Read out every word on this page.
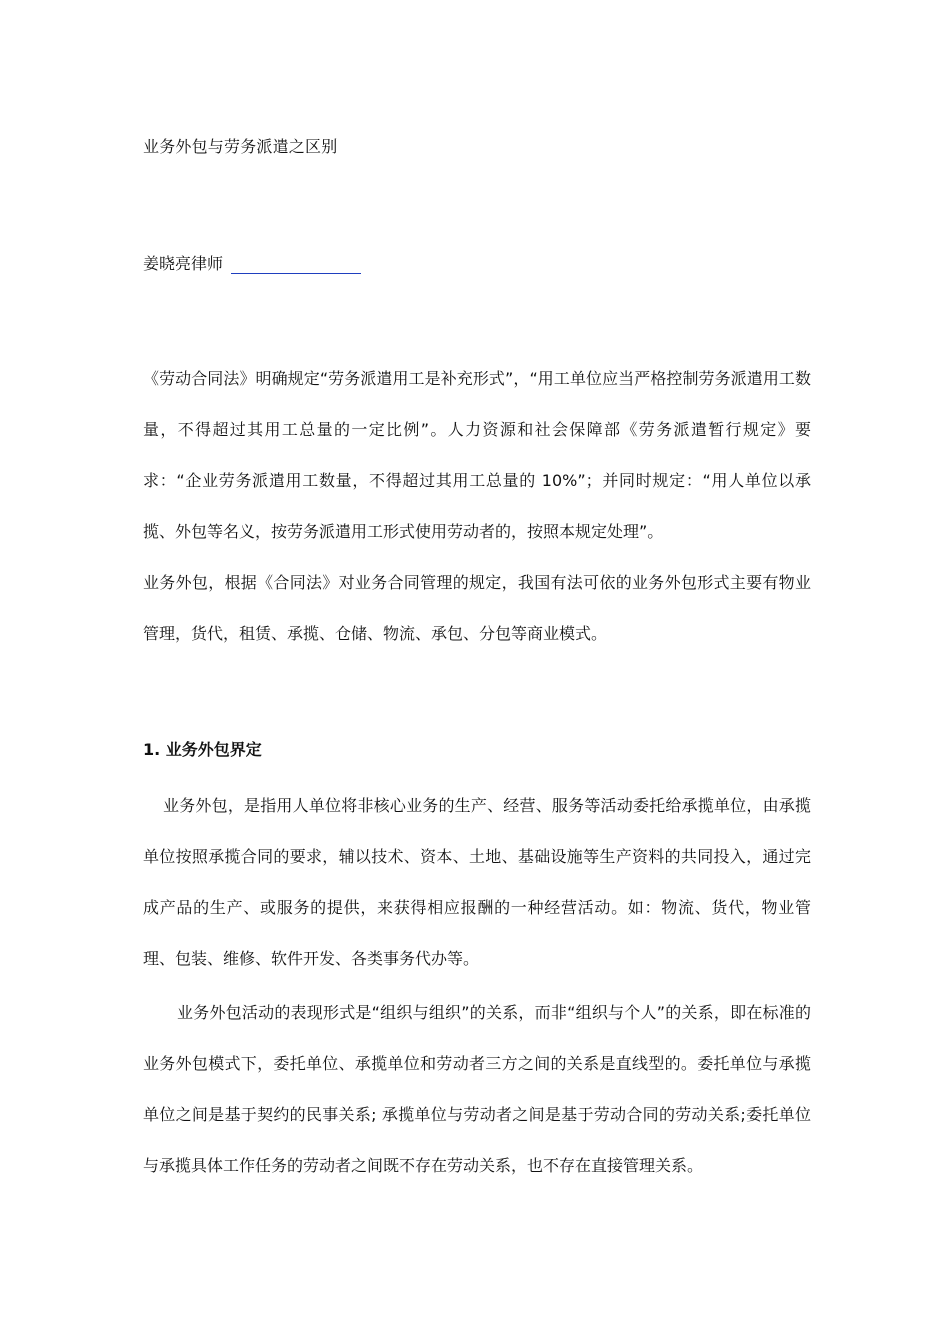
业务外包与劳务派遣之区别
姜晓亮律师
《劳动合同法》明确规定“劳务派遣用工是补充形式”，“用工单位应当严格控制劳务派遣用工数量，不得超过其用工总量的一定比例”。人力资源和社会保障部《劳务派遣暂行规定》要求：“企业劳务派遣用工数量，不得超过其用工总量的 10%”；并同时规定：“用人单位以承揽、外包等名义，按劳务派遣用工形式使用劳动者的，按照本规定处理”。
业务外包，根据《合同法》对业务合同管理的规定，我国有法可依的业务外包形式主要有物业管理，货代，租赁、承揽、仓储、物流、承包、分包等商业模式。
1. 业务外包界定
业务外包，是指用人单位将非核心业务的生产、经营、服务等活动委托给承揽单位，由承揽单位按照承揽合同的要求，辅以技术、资本、土地、基础设施等生产资料的共同投入，通过完成产品的生产、或服务的提供，来获得相应报酬的一种经营活动。如：物流、货代，物业管理、包装、维修、软件开发、各类事务代办等。
业务外包活动的表现形式是“组织与组织”的关系，而非“组织与个人”的关系，即在标准的业务外包模式下，委托单位、承揽单位和劳动者三方之间的关系是直线型的。委托单位与承揽单位之间是基于契约的民事关系; 承揽单位与劳动者之间是基于劳动合同的劳动关系;委托单位与承揽具体工作任务的劳动者之间既不存在劳动关系，也不存在直接管理关系。
